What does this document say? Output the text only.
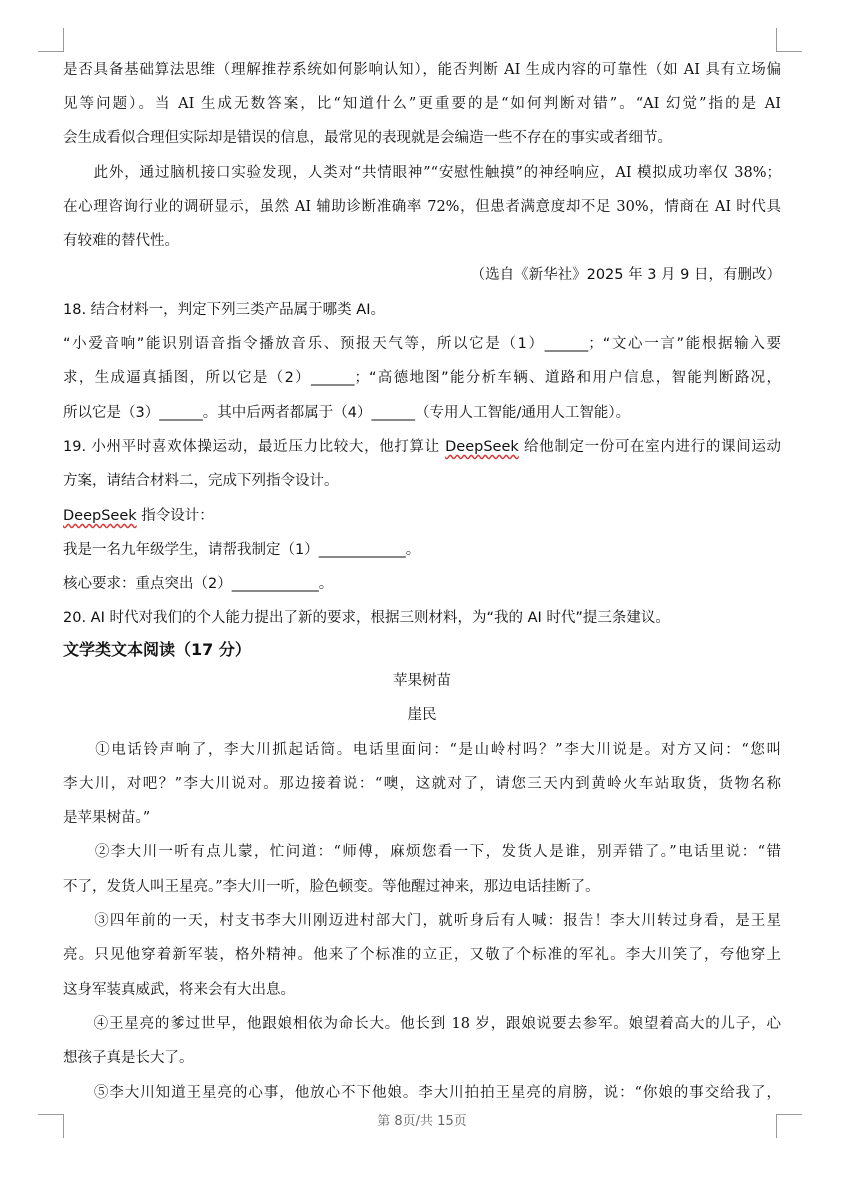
是否具备基础算法思维（理解推荐系统如何影响认知），能否判断 AI 生成内容的可靠性（如 AI 具有立场偏
见等问题）。当 AI 生成无数答案，比“知道什么”更重要的是“如何判断对错”。“AI 幻觉”指的是 AI
会生成看似合理但实际却是错误的信息，最常见的表现就是会编造一些不存在的事实或者细节。
　　此外，通过脑机接口实验发现，人类对“共情眼神”“安慰性触摸”的神经响应，AI 模拟成功率仅 38%；
在心理咨询行业的调研显示，虽然 AI 辅助诊断准确率 72%，但患者满意度却不足 30%，情商在 AI 时代具
有较难的替代性。
（选自《新华社》2025 年 3 月 9 日，有删改）
18. 结合材料一，判定下列三类产品属于哪类 AI。
“小爱音响”能识别语音指令播放音乐、预报天气等，所以它是（1）______；“文心一言”能根据输入要
求，生成逼真插图，所以它是（2）______；“高德地图”能分析车辆、道路和用户信息，智能判断路况，
所以它是（3）______。其中后两者都属于（4）______（专用人工智能/通用人工智能）。
19. 小州平时喜欢体操运动，最近压力比较大，他打算让 DeepSeek 给他制定一份可在室内进行的课间运动
方案，请结合材料二，完成下列指令设计。
DeepSeek 指令设计：
我是一名九年级学生，请帮我制定（1）____________。
核心要求：重点突出（2）____________。
20. AI 时代对我们的个人能力提出了新的要求，根据三则材料，为“我的 AI 时代”提三条建议。
文学类文本阅读（17 分）
苹果树苗
崖民
　　①电话铃声响了，李大川抓起话筒。电话里面问：“是山岭村吗？”李大川说是。对方又问：“您叫
李大川，对吧？”李大川说对。那边接着说：“噢，这就对了，请您三天内到黄岭火车站取货，货物名称
是苹果树苗。”
　　②李大川一听有点儿蒙，忙问道：“师傅，麻烦您看一下，发货人是谁，别弄错了。”电话里说：“错
不了，发货人叫王星亮。”李大川一听，脸色顿变。等他醒过神来，那边电话挂断了。
　　③四年前的一天，村支书李大川刚迈进村部大门，就听身后有人喊：报告！李大川转过身看，是王星
亮。只见他穿着新军装，格外精神。他来了个标准的立正，又敬了个标准的军礼。李大川笑了，夸他穿上
这身军装真威武，将来会有大出息。
　　④王星亮的爹过世早，他跟娘相依为命长大。他长到 18 岁，跟娘说要去参军。娘望着高大的儿子，心
想孩子真是长大了。
　　⑤李大川知道王星亮的心事，他放心不下他娘。李大川拍拍王星亮的肩膀，说：“你娘的事交给我了，
第 8页/共 15页
